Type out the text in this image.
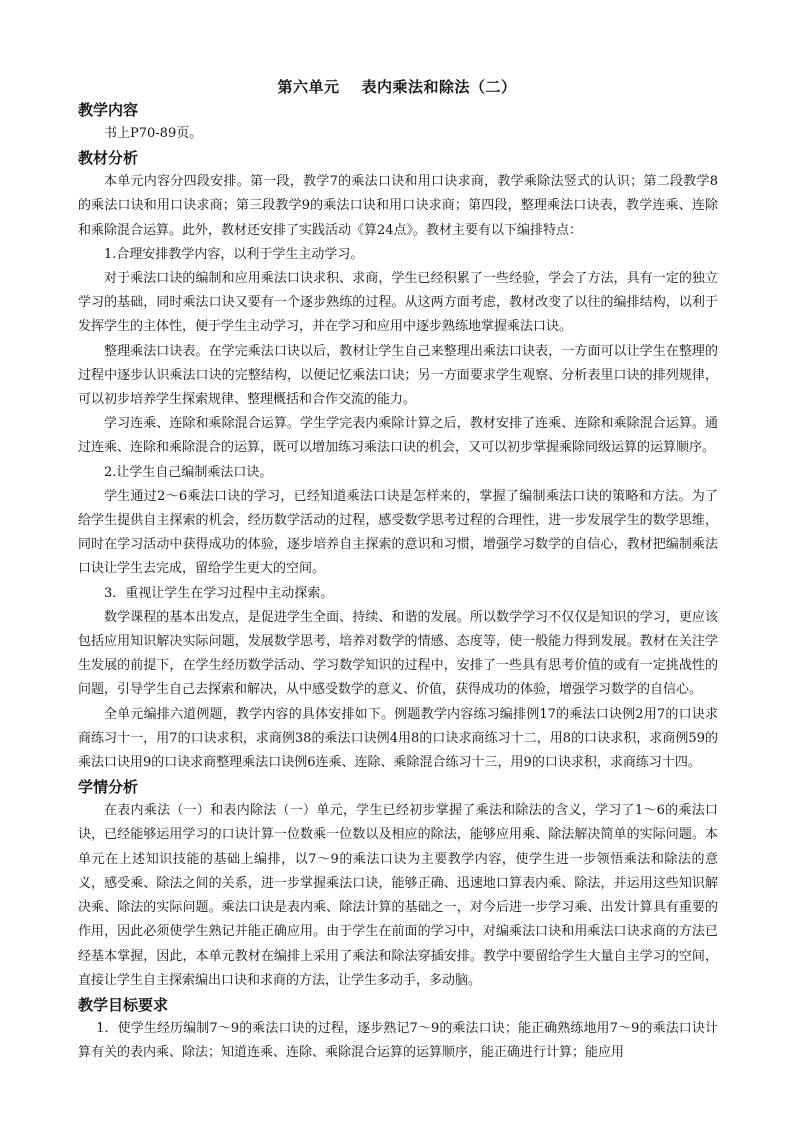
第六单元 表内乘法和除法（二）
教学内容
书上P70-89页。
教材分析
本单元内容分四段安排。第一段，教学7的乘法口诀和用口诀求商，教学乘除法竖式的认识；第二段教学8的乘法口诀和用口诀求商；第三段教学9的乘法口诀和用口诀求商；第四段，整理乘法口诀表，教学连乘、连除和乘除混合运算。此外，教材还安排了实践活动《算24点》。教材主要有以下编排特点：
1.合理安排教学内容，以利于学生主动学习。
对于乘法口诀的编制和应用乘法口诀求积、求商，学生已经积累了一些经验，学会了方法，具有一定的独立学习的基础，同时乘法口诀又要有一个逐步熟练的过程。从这两方面考虑，教材改变了以往的编排结构，以利于发挥学生的主体性，便于学生主动学习，并在学习和应用中逐步熟练地掌握乘法口诀。
整理乘法口诀表。在学完乘法口诀以后，教材让学生自己来整理出乘法口诀表，一方面可以让学生在整理的过程中逐步认识乘法口诀的完整结构，以便记忆乘法口诀；另一方面要求学生观察、分析表里口诀的排列规律，可以初步培养学生探索规律、整理概括和合作交流的能力。
学习连乘、连除和乘除混合运算。学生学完表内乘除计算之后，教材安排了连乘、连除和乘除混合运算。通过连乘、连除和乘除混合的运算，既可以增加练习乘法口诀的机会，又可以初步掌握乘除同级运算的运算顺序。
2.让学生自己编制乘法口诀。
学生通过2～6乘法口诀的学习，已经知道乘法口诀是怎样来的，掌握了编制乘法口诀的策略和方法。为了给学生提供自主探索的机会，经历数学活动的过程，感受数学思考过程的合理性，进一步发展学生的数学思维，同时在学习活动中获得成功的体验，逐步培养自主探索的意识和习惯，增强学习数学的自信心，教材把编制乘法口诀让学生去完成，留给学生更大的空间。
3．重视让学生在学习过程中主动探索。
数学课程的基本出发点，是促进学生全面、持续、和谐的发展。所以数学学习不仅仅是知识的学习，更应该包括应用知识解决实际问题，发展数学思考，培养对数学的情感、态度等，使一般能力得到发展。教材在关注学生发展的前提下，在学生经历数学活动、学习数学知识的过程中，安排了一些具有思考价值的或有一定挑战性的问题，引导学生自己去探索和解决，从中感受数学的意义、价值，获得成功的体验，增强学习数学的自信心。
全单元编排六道例题，教学内容的具体安排如下。例题教学内容练习编排例17的乘法口诀例2用7的口诀求商练习十一，用7的口诀求积，求商例38的乘法口诀例4用8的口诀求商练习十二，用8的口诀求积，求商例59的乘法口诀用9的口诀求商整理乘法口诀例6连乘、连除、乘除混合练习十三，用9的口诀求积，求商练习十四。
学情分析
在表内乘法（一）和表内除法（一）单元，学生已经初步掌握了乘法和除法的含义，学习了1～6的乘法口诀，已经能够运用学习的口诀计算一位数乘一位数以及相应的除法，能够应用乘、除法解决简单的实际问题。本单元在上述知识技能的基础上编排，以7～9的乘法口诀为主要教学内容，使学生进一步领悟乘法和除法的意义，感受乘、除法之间的关系，进一步掌握乘法口诀，能够正确、迅速地口算表内乘、除法，并运用这些知识解决乘、除法的实际问题。乘法口诀是表内乘、除法计算的基础之一，对今后进一步学习乘、出发计算具有重要的作用，因此必须使学生熟记并能正确应用。由于学生在前面的学习中，对编乘法口诀和用乘法口诀求商的方法已经基本掌握，因此，本单元教材在编排上采用了乘法和除法穿插安排。教学中要留给学生大量自主学习的空间，直接让学生自主探索编出口诀和求商的方法，让学生多动手，多动脑。
教学目标要求
1．使学生经历编制7～9的乘法口诀的过程，逐步熟记7～9的乘法口诀；能正确熟练地用7～9的乘法口诀计算有关的表内乘、除法；知道连乘、连除、乘除混合运算的运算顺序，能正确进行计算；能应用
